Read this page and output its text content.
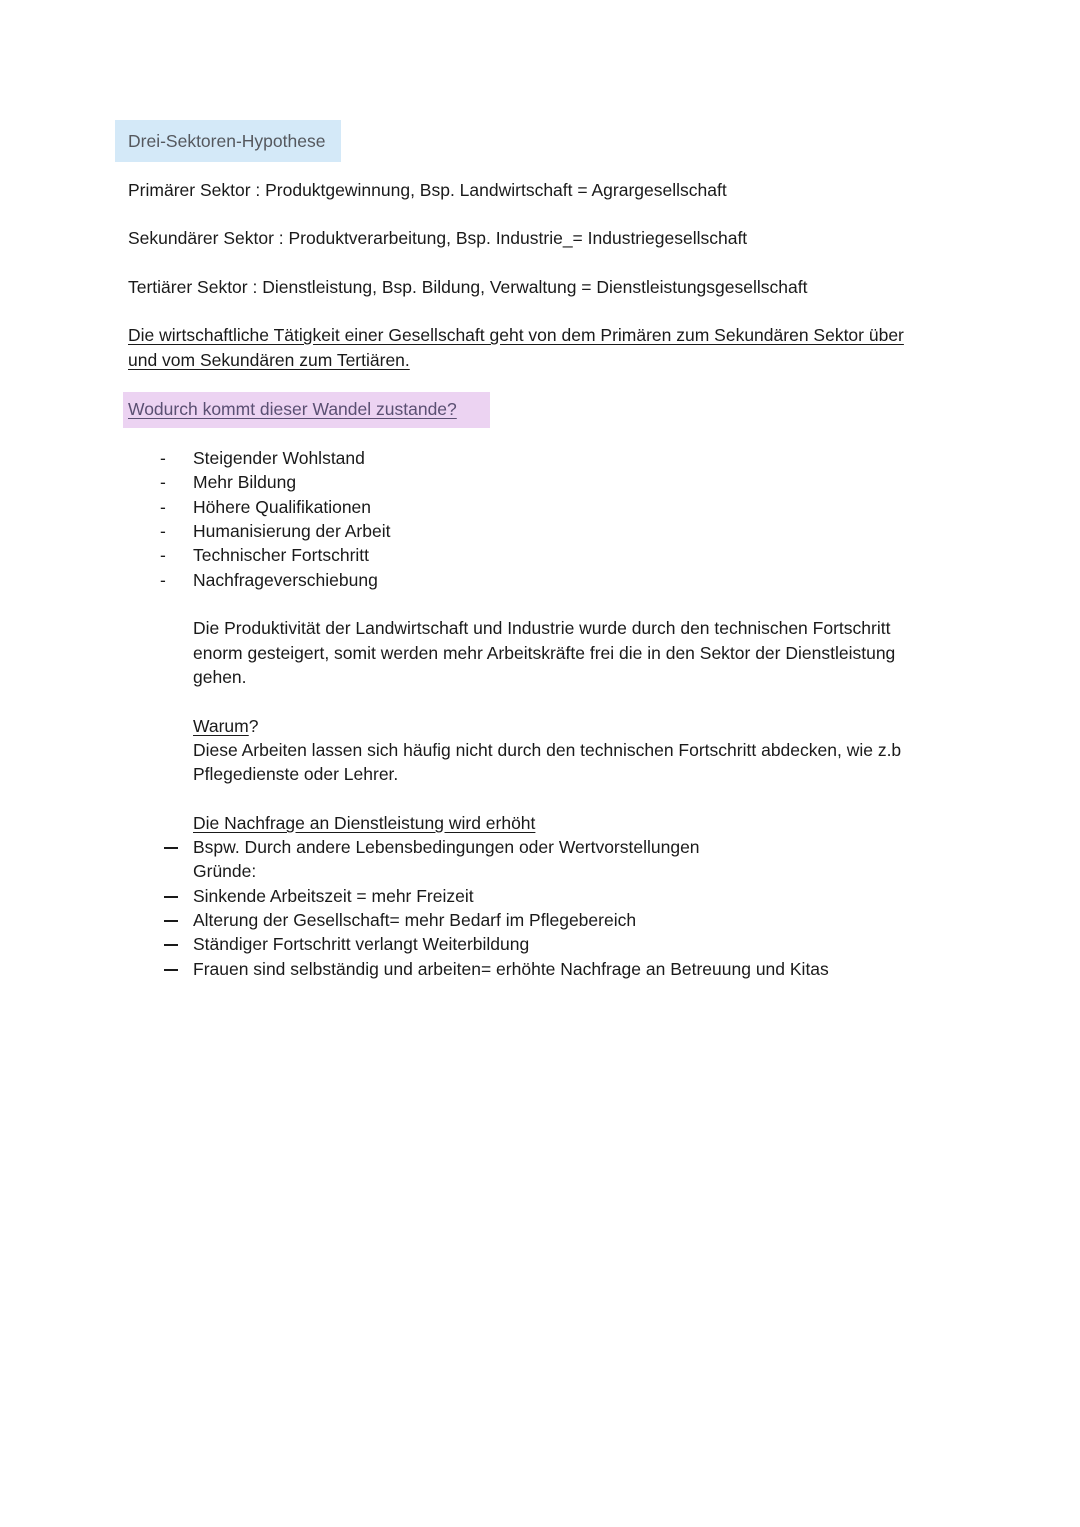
Drei-Sektoren-Hypothese
Primärer Sektor : Produktgewinnung, Bsp. Landwirtschaft = Agrargesellschaft
Sekundärer Sektor : Produktverarbeitung, Bsp. Industrie_= Industriegesellschaft
Tertiärer Sektor : Dienstleistung, Bsp. Bildung, Verwaltung = Dienstleistungsgesellschaft
Die wirtschaftliche Tätigkeit einer Gesellschaft geht von dem Primären zum Sekundären Sektor über
und vom Sekundären zum Tertiären.
Wodurch kommt dieser Wandel zustande?
- Steigender Wohlstand
- Mehr Bildung
- Höhere Qualifikationen
- Humanisierung der Arbeit
- Technischer Fortschritt
- Nachfrageverschiebung
Die Produktivität der Landwirtschaft und Industrie wurde durch den technischen Fortschritt
enorm gesteigert, somit werden mehr Arbeitskräfte frei die in den Sektor der Dienstleistung
gehen.
Warum?
Diese Arbeiten lassen sich häufig nicht durch den technischen Fortschritt abdecken, wie z.b
Pflegedienste oder Lehrer.
Die Nachfrage an Dienstleistung wird erhöht
Bspw. Durch andere Lebensbedingungen oder Wertvorstellungen
Gründe:
Sinkende Arbeitszeit = mehr Freizeit
Alterung der Gesellschaft= mehr Bedarf im Pflegebereich
Ständiger Fortschritt verlangt Weiterbildung
Frauen sind selbständig und arbeiten= erhöhte Nachfrage an Betreuung und Kitas
